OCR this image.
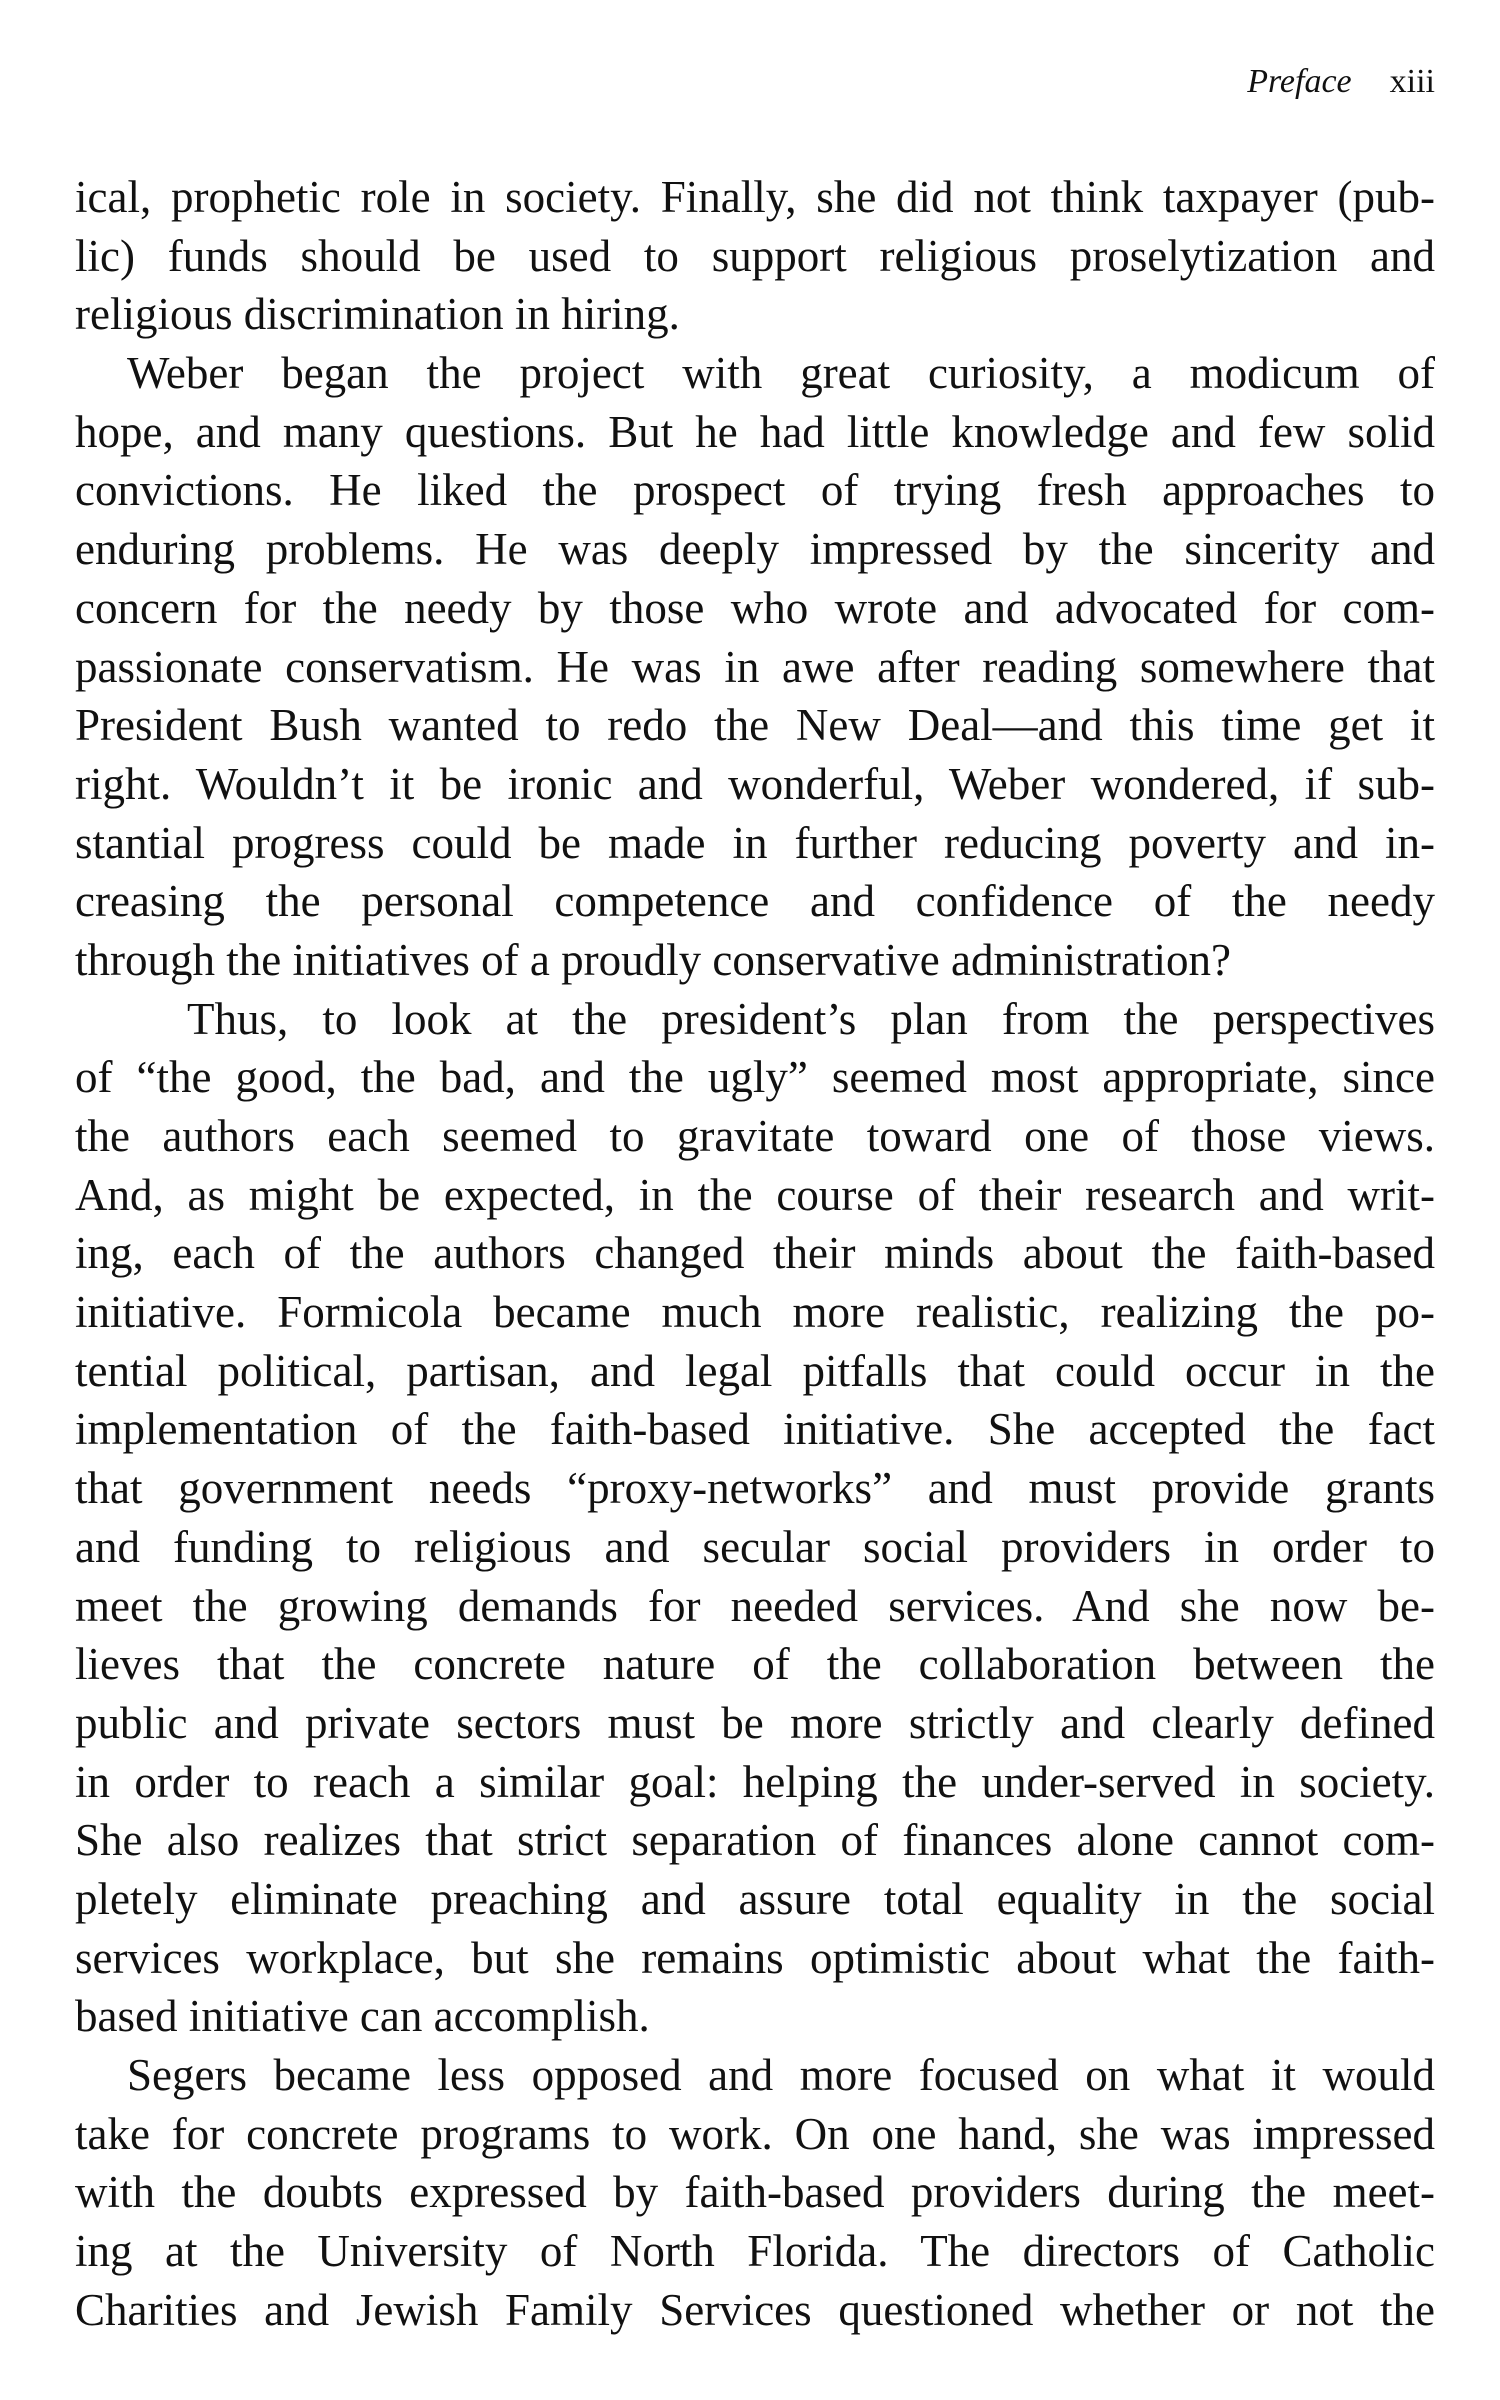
Preface xiii
ical, prophetic role in society. Finally, she did not think taxpayer (pub-
lic) funds should be used to support religious proselytization and
religious discrimination in hiring.
Weber began the project with great curiosity, a modicum of
hope, and many questions. But he had little knowledge and few solid
convictions. He liked the prospect of trying fresh approaches to
enduring problems. He was deeply impressed by the sincerity and
concern for the needy by those who wrote and advocated for com-
passionate conservatism. He was in awe after reading somewhere that
President Bush wanted to redo the New Deal—and this time get it
right. Wouldn’t it be ironic and wonderful, Weber wondered, if sub-
stantial progress could be made in further reducing poverty and in-
creasing the personal competence and confidence of the needy
through the initiatives of a proudly conservative administration?
Thus, to look at the president’s plan from the perspectives
of “the good, the bad, and the ugly” seemed most appropriate, since
the authors each seemed to gravitate toward one of those views.
And, as might be expected, in the course of their research and writ-
ing, each of the authors changed their minds about the faith-based
initiative. Formicola became much more realistic, realizing the po-
tential political, partisan, and legal pitfalls that could occur in the
implementation of the faith-based initiative. She accepted the fact
that government needs “proxy-networks” and must provide grants
and funding to religious and secular social providers in order to
meet the growing demands for needed services. And she now be-
lieves that the concrete nature of the collaboration between the
public and private sectors must be more strictly and clearly defined
in order to reach a similar goal: helping the under-served in society.
She also realizes that strict separation of finances alone cannot com-
pletely eliminate preaching and assure total equality in the social
services workplace, but she remains optimistic about what the faith-
based initiative can accomplish.
Segers became less opposed and more focused on what it would
take for concrete programs to work. On one hand, she was impressed
with the doubts expressed by faith-based providers during the meet-
ing at the University of North Florida. The directors of Catholic
Charities and Jewish Family Services questioned whether or not the
